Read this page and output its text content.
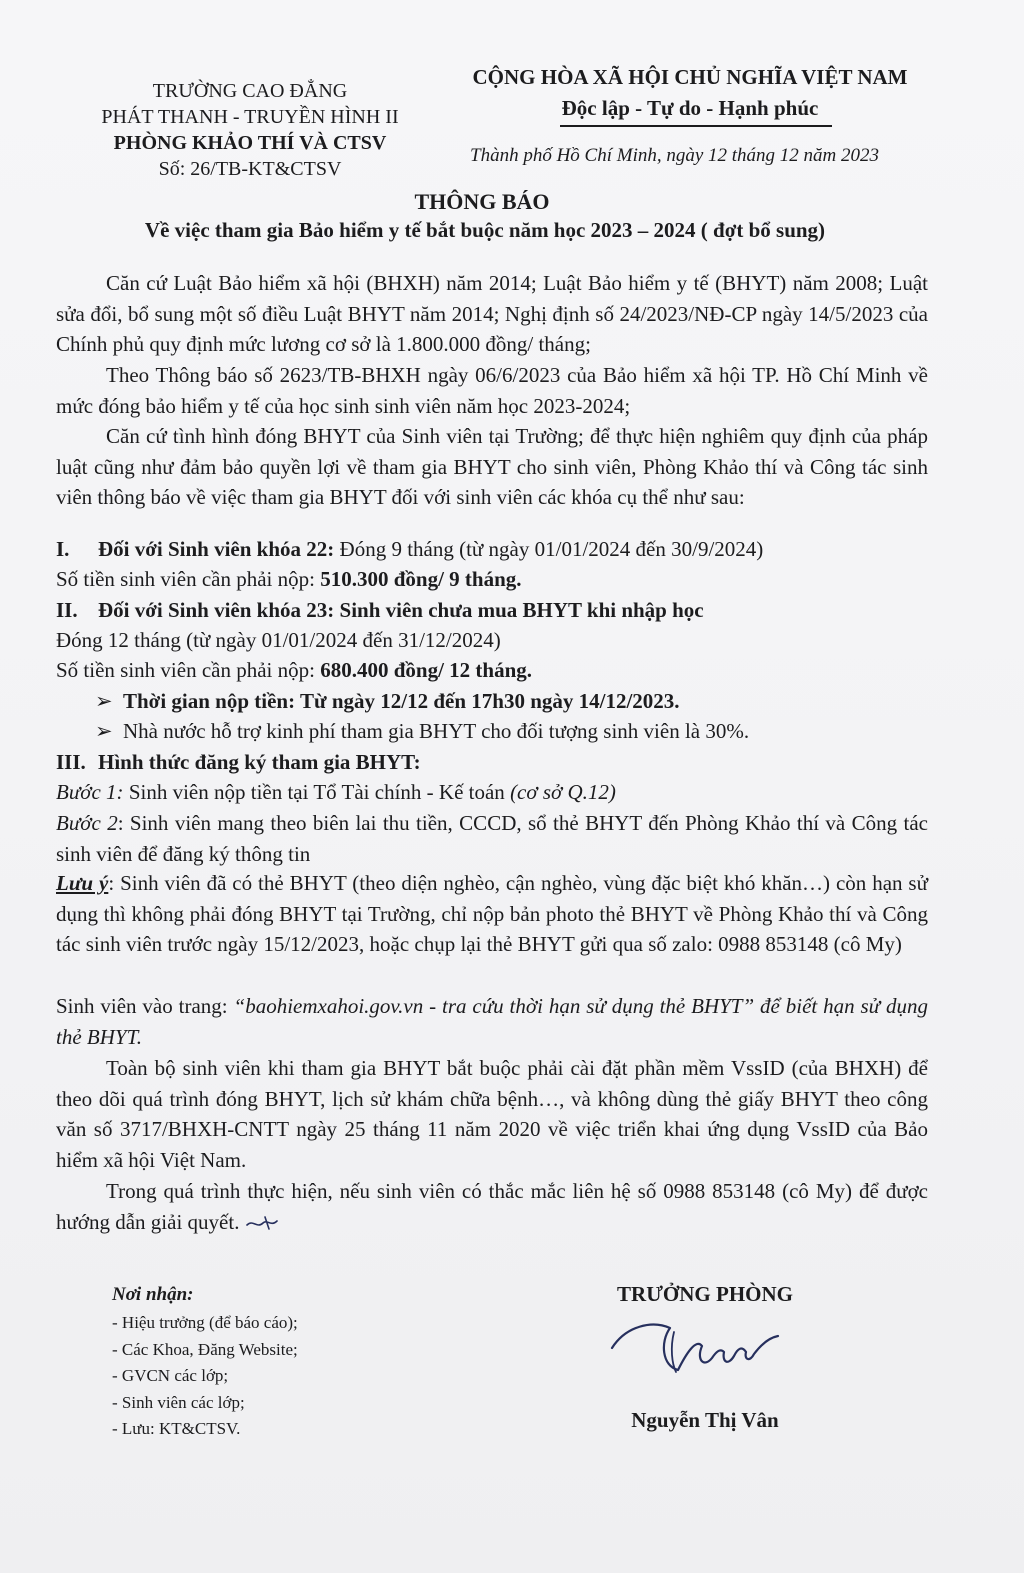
TRƯỜNG CAO ĐẲNG
PHÁT THANH - TRUYỀN HÌNH II
PHÒNG KHẢO THÍ VÀ CTSV
Số: 26/TB-KT&CTSV
CỘNG HÒA XÃ HỘI CHỦ NGHĨA VIỆT NAM
Độc lập - Tự do - Hạnh phúc
Thành phố Hồ Chí Minh, ngày 12 tháng 12 năm 2023
THÔNG BÁO
Về việc tham gia Bảo hiểm y tế bắt buộc năm học 2023 – 2024 ( đợt bổ sung)
Căn cứ Luật Bảo hiểm xã hội (BHXH) năm 2014; Luật Bảo hiểm y tế (BHYT) năm 2008; Luật sửa đổi, bổ sung một số điều Luật BHYT năm 2014; Nghị định số 24/2023/NĐ-CP ngày 14/5/2023 của Chính phủ quy định mức lương cơ sở là 1.800.000 đồng/ tháng;
Theo Thông báo số 2623/TB-BHXH ngày 06/6/2023 của Bảo hiểm xã hội TP. Hồ Chí Minh về mức đóng bảo hiểm y tế của học sinh sinh viên năm học 2023-2024;
Căn cứ tình hình đóng BHYT của Sinh viên tại Trường; để thực hiện nghiêm quy định của pháp luật cũng như đảm bảo quyền lợi về tham gia BHYT cho sinh viên, Phòng Khảo thí và Công tác sinh viên thông báo về việc tham gia BHYT đối với sinh viên các khóa cụ thể như sau:
I. Đối với Sinh viên khóa 22: Đóng 9 tháng (từ ngày 01/01/2024 đến 30/9/2024)
Số tiền sinh viên cần phải nộp: 510.300 đồng/ 9 tháng.
II. Đối với Sinh viên khóa 23: Sinh viên chưa mua BHYT khi nhập học
Đóng 12 tháng (từ ngày 01/01/2024 đến 31/12/2024)
Số tiền sinh viên cần phải nộp: 680.400 đồng/ 12 tháng.
➢ Thời gian nộp tiền: Từ ngày 12/12 đến 17h30 ngày 14/12/2023.
➢ Nhà nước hỗ trợ kinh phí tham gia BHYT cho đối tượng sinh viên là 30%.
III. Hình thức đăng ký tham gia BHYT:
Bước 1: Sinh viên nộp tiền tại Tổ Tài chính - Kế toán (cơ sở Q.12)
Bước 2: Sinh viên mang theo biên lai thu tiền, CCCD, sổ thẻ BHYT đến Phòng Khảo thí và Công tác sinh viên để đăng ký thông tin
Lưu ý: Sinh viên đã có thẻ BHYT (theo diện nghèo, cận nghèo, vùng đặc biệt khó khăn…) còn hạn sử dụng thì không phải đóng BHYT tại Trường, chỉ nộp bản photo thẻ BHYT về Phòng Khảo thí và Công tác sinh viên trước ngày 15/12/2023, hoặc chụp lại thẻ BHYT gửi qua số zalo: 0988 853148 (cô My)
Sinh viên vào trang: “baohiemxahoi.gov.vn - tra cứu thời hạn sử dụng thẻ BHYT” để biết hạn sử dụng thẻ BHYT.
Toàn bộ sinh viên khi tham gia BHYT bắt buộc phải cài đặt phần mềm VssID (của BHXH) để theo dõi quá trình đóng BHYT, lịch sử khám chữa bệnh…, và không dùng thẻ giấy BHYT theo công văn số 3717/BHXH-CNTT ngày 25 tháng 11 năm 2020 về việc triển khai ứng dụng VssID của Bảo hiểm xã hội Việt Nam.
Trong quá trình thực hiện, nếu sinh viên có thắc mắc liên hệ số 0988 853148 (cô My) để được hướng dẫn giải quyết.
Nơi nhận:
- Hiệu trưởng (để báo cáo);
- Các Khoa, Đăng Website;
- GVCN các lớp;
- Sinh viên các lớp;
- Lưu: KT&CTSV.
TRƯỞNG PHÒNG
Nguyễn Thị Vân
